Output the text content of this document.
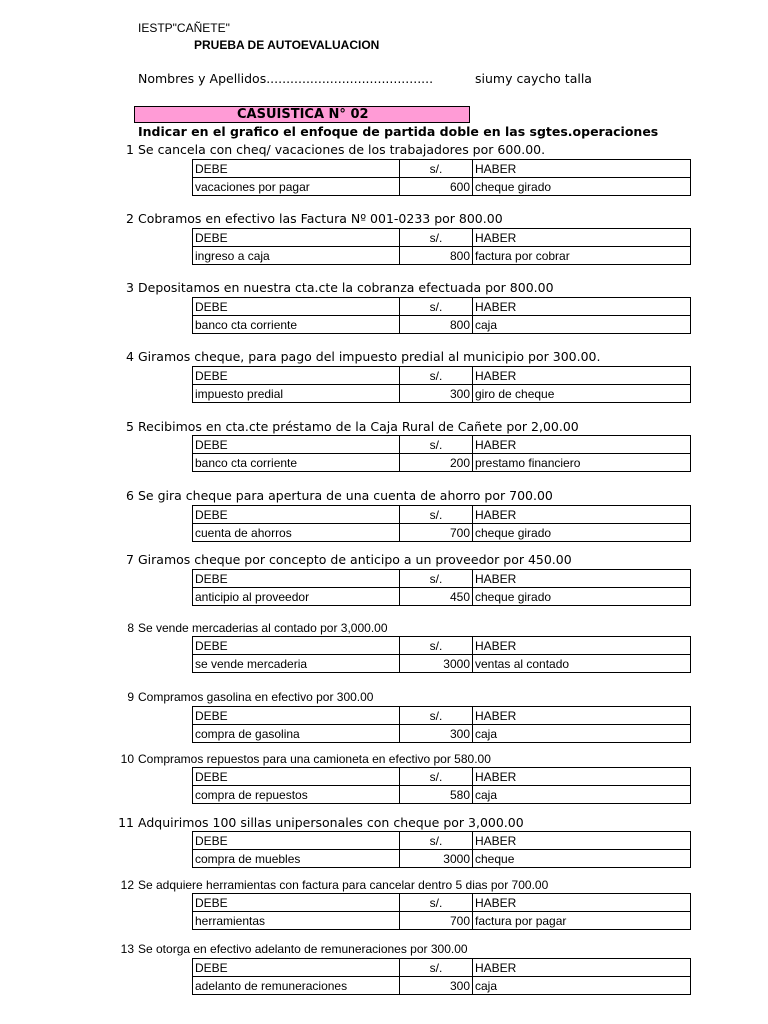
IESTP"CAÑETE"
PRUEBA DE AUTOEVALUACION
Nombres y Apellidos..........................................	siumy caycho talla
CASUISTICA N° 02
Indicar en el grafico el enfoque de partida doble en las sgtes.operaciones
1 Se cancela con cheq/ vacaciones de los trabajadores por 600.00.
DEBE	s/.	HABER
vacaciones por pagar	600	cheque girado
2 Cobramos en efectivo las Factura Nº 001-0233 por 800.00
DEBE	s/.	HABER
ingreso a caja	800	factura por cobrar
3 Depositamos en nuestra cta.cte la cobranza efectuada por 800.00
DEBE	s/.	HABER
banco cta corriente	800	caja
4 Giramos cheque, para pago del impuesto predial al municipio por 300.00.
DEBE	s/.	HABER
impuesto predial	300	giro de cheque
5 Recibimos en cta.cte préstamo de la Caja Rural de Cañete por 2,00.00
DEBE	s/.	HABER
banco cta corriente	200	prestamo financiero
6 Se gira cheque para apertura de una cuenta de ahorro por 700.00
DEBE	s/.	HABER
cuenta de ahorros	700	cheque girado
7 Giramos cheque por concepto de anticipo a un proveedor por 450.00
DEBE	s/.	HABER
anticipio al proveedor	450	cheque girado
8 Se vende mercaderias al contado por 3,000.00
DEBE	s/.	HABER
se vende mercaderia	3000	ventas al contado
9 Compramos gasolina en efectivo por 300.00
DEBE	s/.	HABER
compra de gasolina	300	caja
10 Compramos repuestos para una camioneta en efectivo por 580.00
DEBE	s/.	HABER
compra de repuestos	580	caja
11 Adquirimos 100 sillas unipersonales con cheque por 3,000.00
DEBE	s/.	HABER
compra de muebles	3000	cheque
12 Se adquiere herramientas con factura para cancelar dentro 5 dias por 700.00
DEBE	s/.	HABER
herramientas	700	factura por pagar
13 Se otorga en efectivo adelanto de remuneraciones por 300.00
DEBE	s/.	HABER
adelanto de remuneraciones	300	caja
